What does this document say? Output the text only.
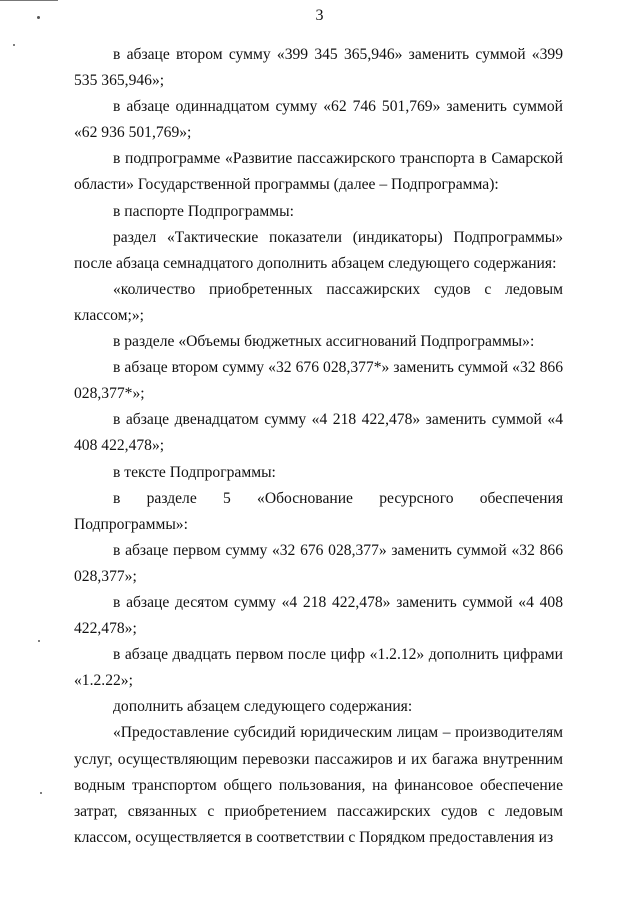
3

в абзаце втором сумму «399 345 365,946» заменить суммой «399 535 365,946»;

в абзаце одиннадцатом сумму «62 746 501,769» заменить суммой «62 936 501,769»;

в подпрограмме «Развитие пассажирского транспорта в Самарской области» Государственной программы (далее – Подпрограмма):

в паспорте Подпрограммы:

раздел «Тактические показатели (индикаторы) Подпрограммы» после абзаца семнадцатого дополнить абзацем следующего содержания:

«количество приобретенных пассажирских судов с ледовым классом;»;

в разделе «Объемы бюджетных ассигнований Подпрограммы»:

в абзаце втором сумму «32 676 028,377*» заменить суммой «32 866 028,377*»;

в абзаце двенадцатом сумму «4 218 422,478» заменить суммой «4 408 422,478»;

в тексте Подпрограммы:

в разделе 5 «Обоснование ресурсного обеспечения Подпрограммы»:

в абзаце первом сумму «32 676 028,377» заменить суммой «32 866 028,377»;

в абзаце десятом сумму «4 218 422,478» заменить суммой «4 408 422,478»;

в абзаце двадцать первом после цифр «1.2.12» дополнить цифрами «1.2.22»;

дополнить абзацем следующего содержания:

«Предоставление субсидий юридическим лицам – производителям услуг, осуществляющим перевозки пассажиров и их багажа внутренним водным транспортом общего пользования, на финансовое обеспечение затрат, связанных с приобретением пассажирских судов с ледовым классом, осуществляется в соответствии с Порядком предоставления из
